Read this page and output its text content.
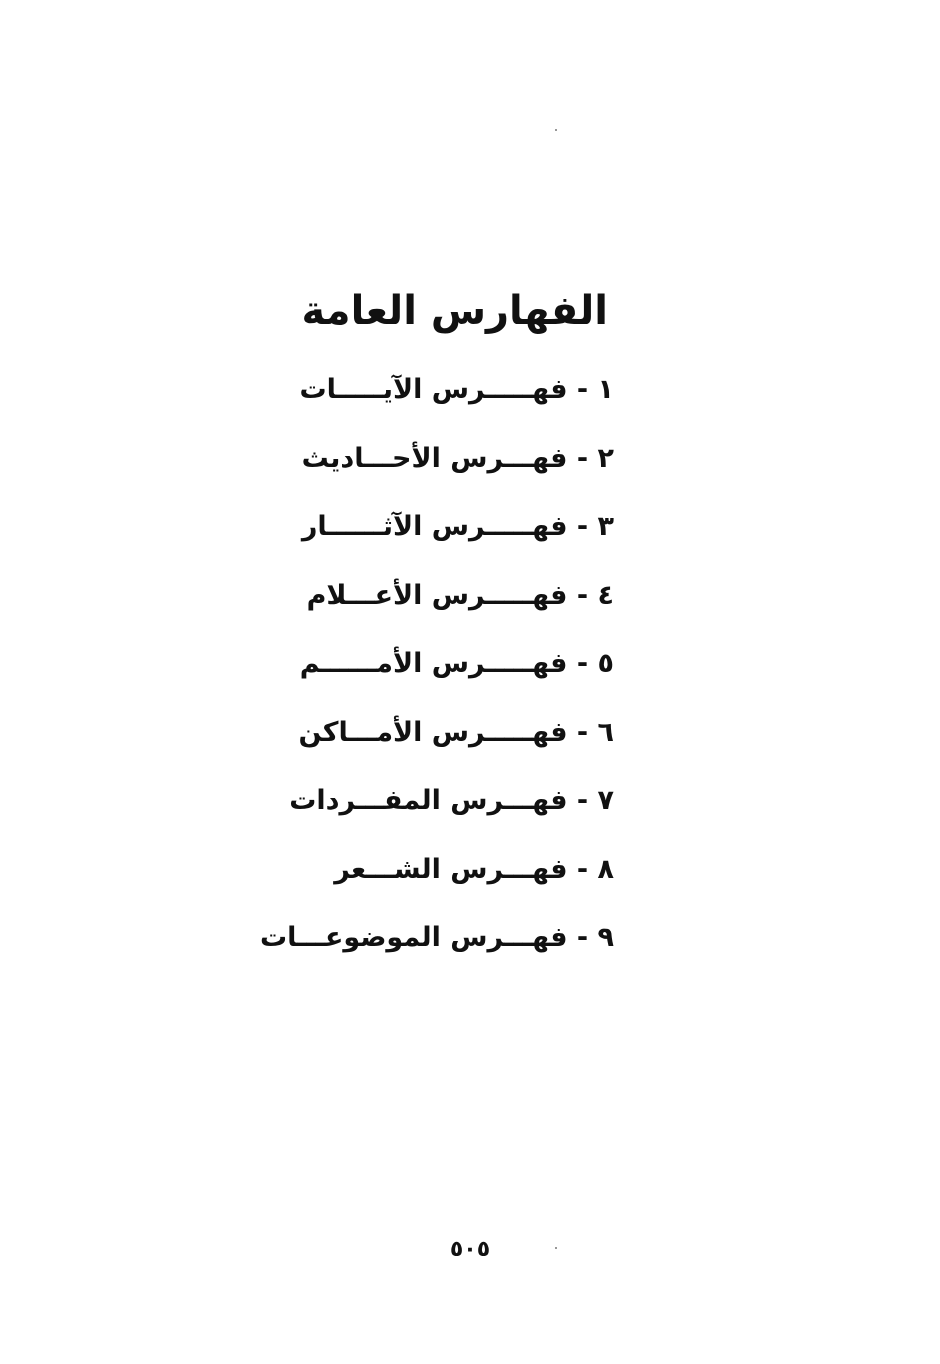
الفهارس العامة
١ - فهـــــرس الآيـــــات
٢ - فهـــرس الأحـــاديث
٣ - فهـــــرس الآثــــــار
٤ - فهـــــرس الأعـــلام
٥ - فهـــــرس الأمــــــم
٦ - فهـــــرس الأمـــاكن
٧ - فهـــرس المفـــردات
٨ - فهـــرس الشـــعر
٩ - فهـــرس الموضوعـــات
٥٠٥
